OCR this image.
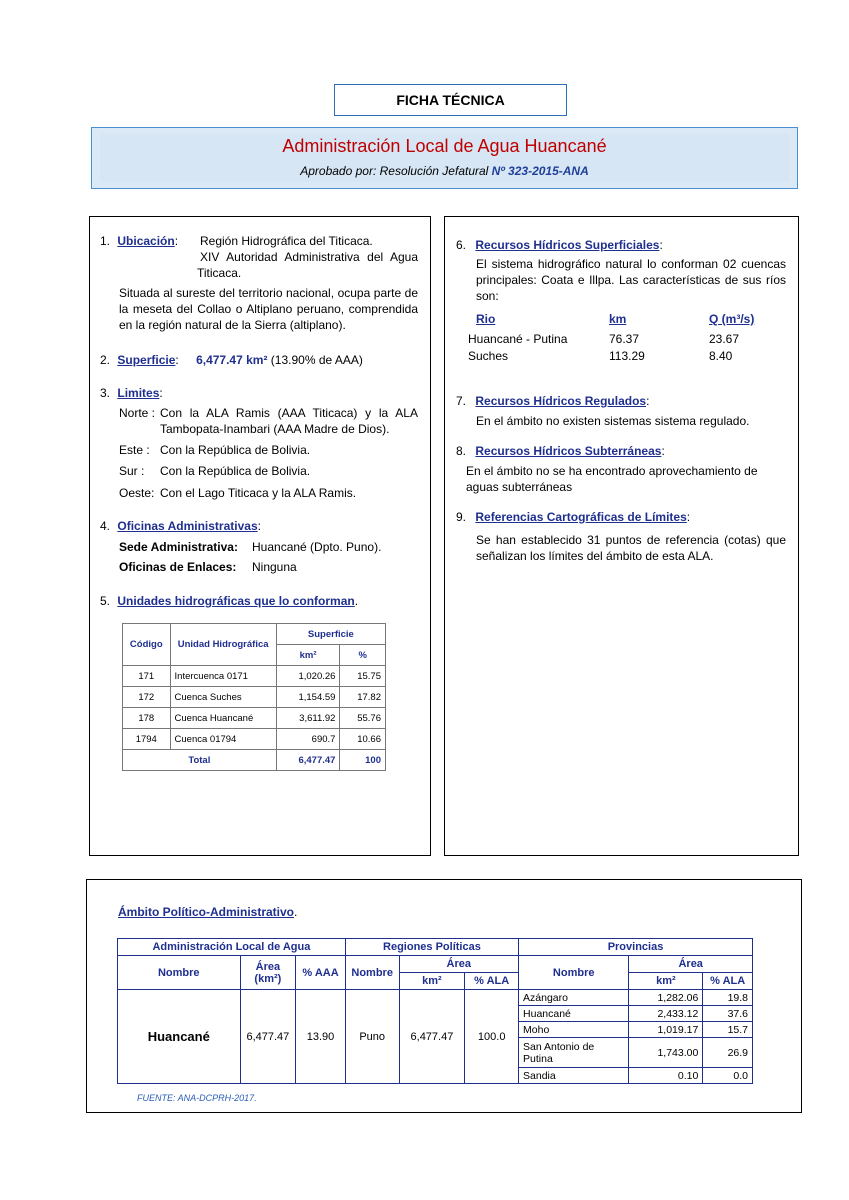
FICHA TÉCNICA
Administración Local de Agua Huancané
Aprobado por: Resolución Jefatural Nº 323-2015-ANA
1. Ubicación: Región Hidrográfica del Titicaca.
XIV Autoridad Administrativa del Agua Titicaca.
Situada al sureste del territorio nacional, ocupa parte de la meseta del Collao o Altiplano peruano, comprendida en la región natural de la Sierra (altiplano).
2. Superficie: 6,477.47 km² (13.90% de AAA)
3. Limites:
Norte : Con la ALA Ramis (AAA Titicaca) y la ALA Tambopata-Inambari (AAA Madre de Dios).
Este : Con la República de Bolivia.
Sur : Con la República de Bolivia.
Oeste: Con el Lago Titicaca y la ALA Ramis.
4. Oficinas Administrativas:
Sede Administrativa: Huancané (Dpto. Puno).
Oficinas de Enlaces: Ninguna
5. Unidades hidrográficas que lo conforman.
Código	Unidad Hidrográfica	Superficie	
		km²	%
171	Intercuenca 0171	1,020.26	15.75
172	Cuenca Suches	1,154.59	17.82
178	Cuenca Huancané	3,611.92	55.76
1794	Cuenca 01794	690.7	10.66
Total		6,477.47	100
6. Recursos Hídricos Superficiales:
El sistema hidrográfico natural lo conforman 02 cuencas principales: Coata e Illpa. Las características de sus ríos son:
Rio	km	Q (m³/s)
Huancané - Putina	76.37	23.67
Suches	113.29	8.40
7. Recursos Hídricos Regulados:
En el ámbito no existen sistemas sistema regulado.
8. Recursos Hídricos Subterráneas:
En el ámbito no se ha encontrado aprovechamiento de aguas subterráneas
9. Referencias Cartográficas de Límites:
Se han establecido 31 puntos de referencia (cotas) que señalizan los límites del ámbito de esta ALA.
Ámbito Político-Administrativo.
Administración Local de Agua			Regiones Políticas			Provincias		
Nombre	Área (km²)	% AAA	Nombre	Área		Nombre	Área	
				km²	% ALA		km²	% ALA
Huancané	6,477.47	13.90	Puno	6,477.47	100.0	Azángaro	1,282.06	19.8
						Huancané	2,433.12	37.6
						Moho	1,019.17	15.7
						San Antonio de Putina	1,743.00	26.9
						Sandia	0.10	0.0
FUENTE: ANA-DCPRH-2017.
